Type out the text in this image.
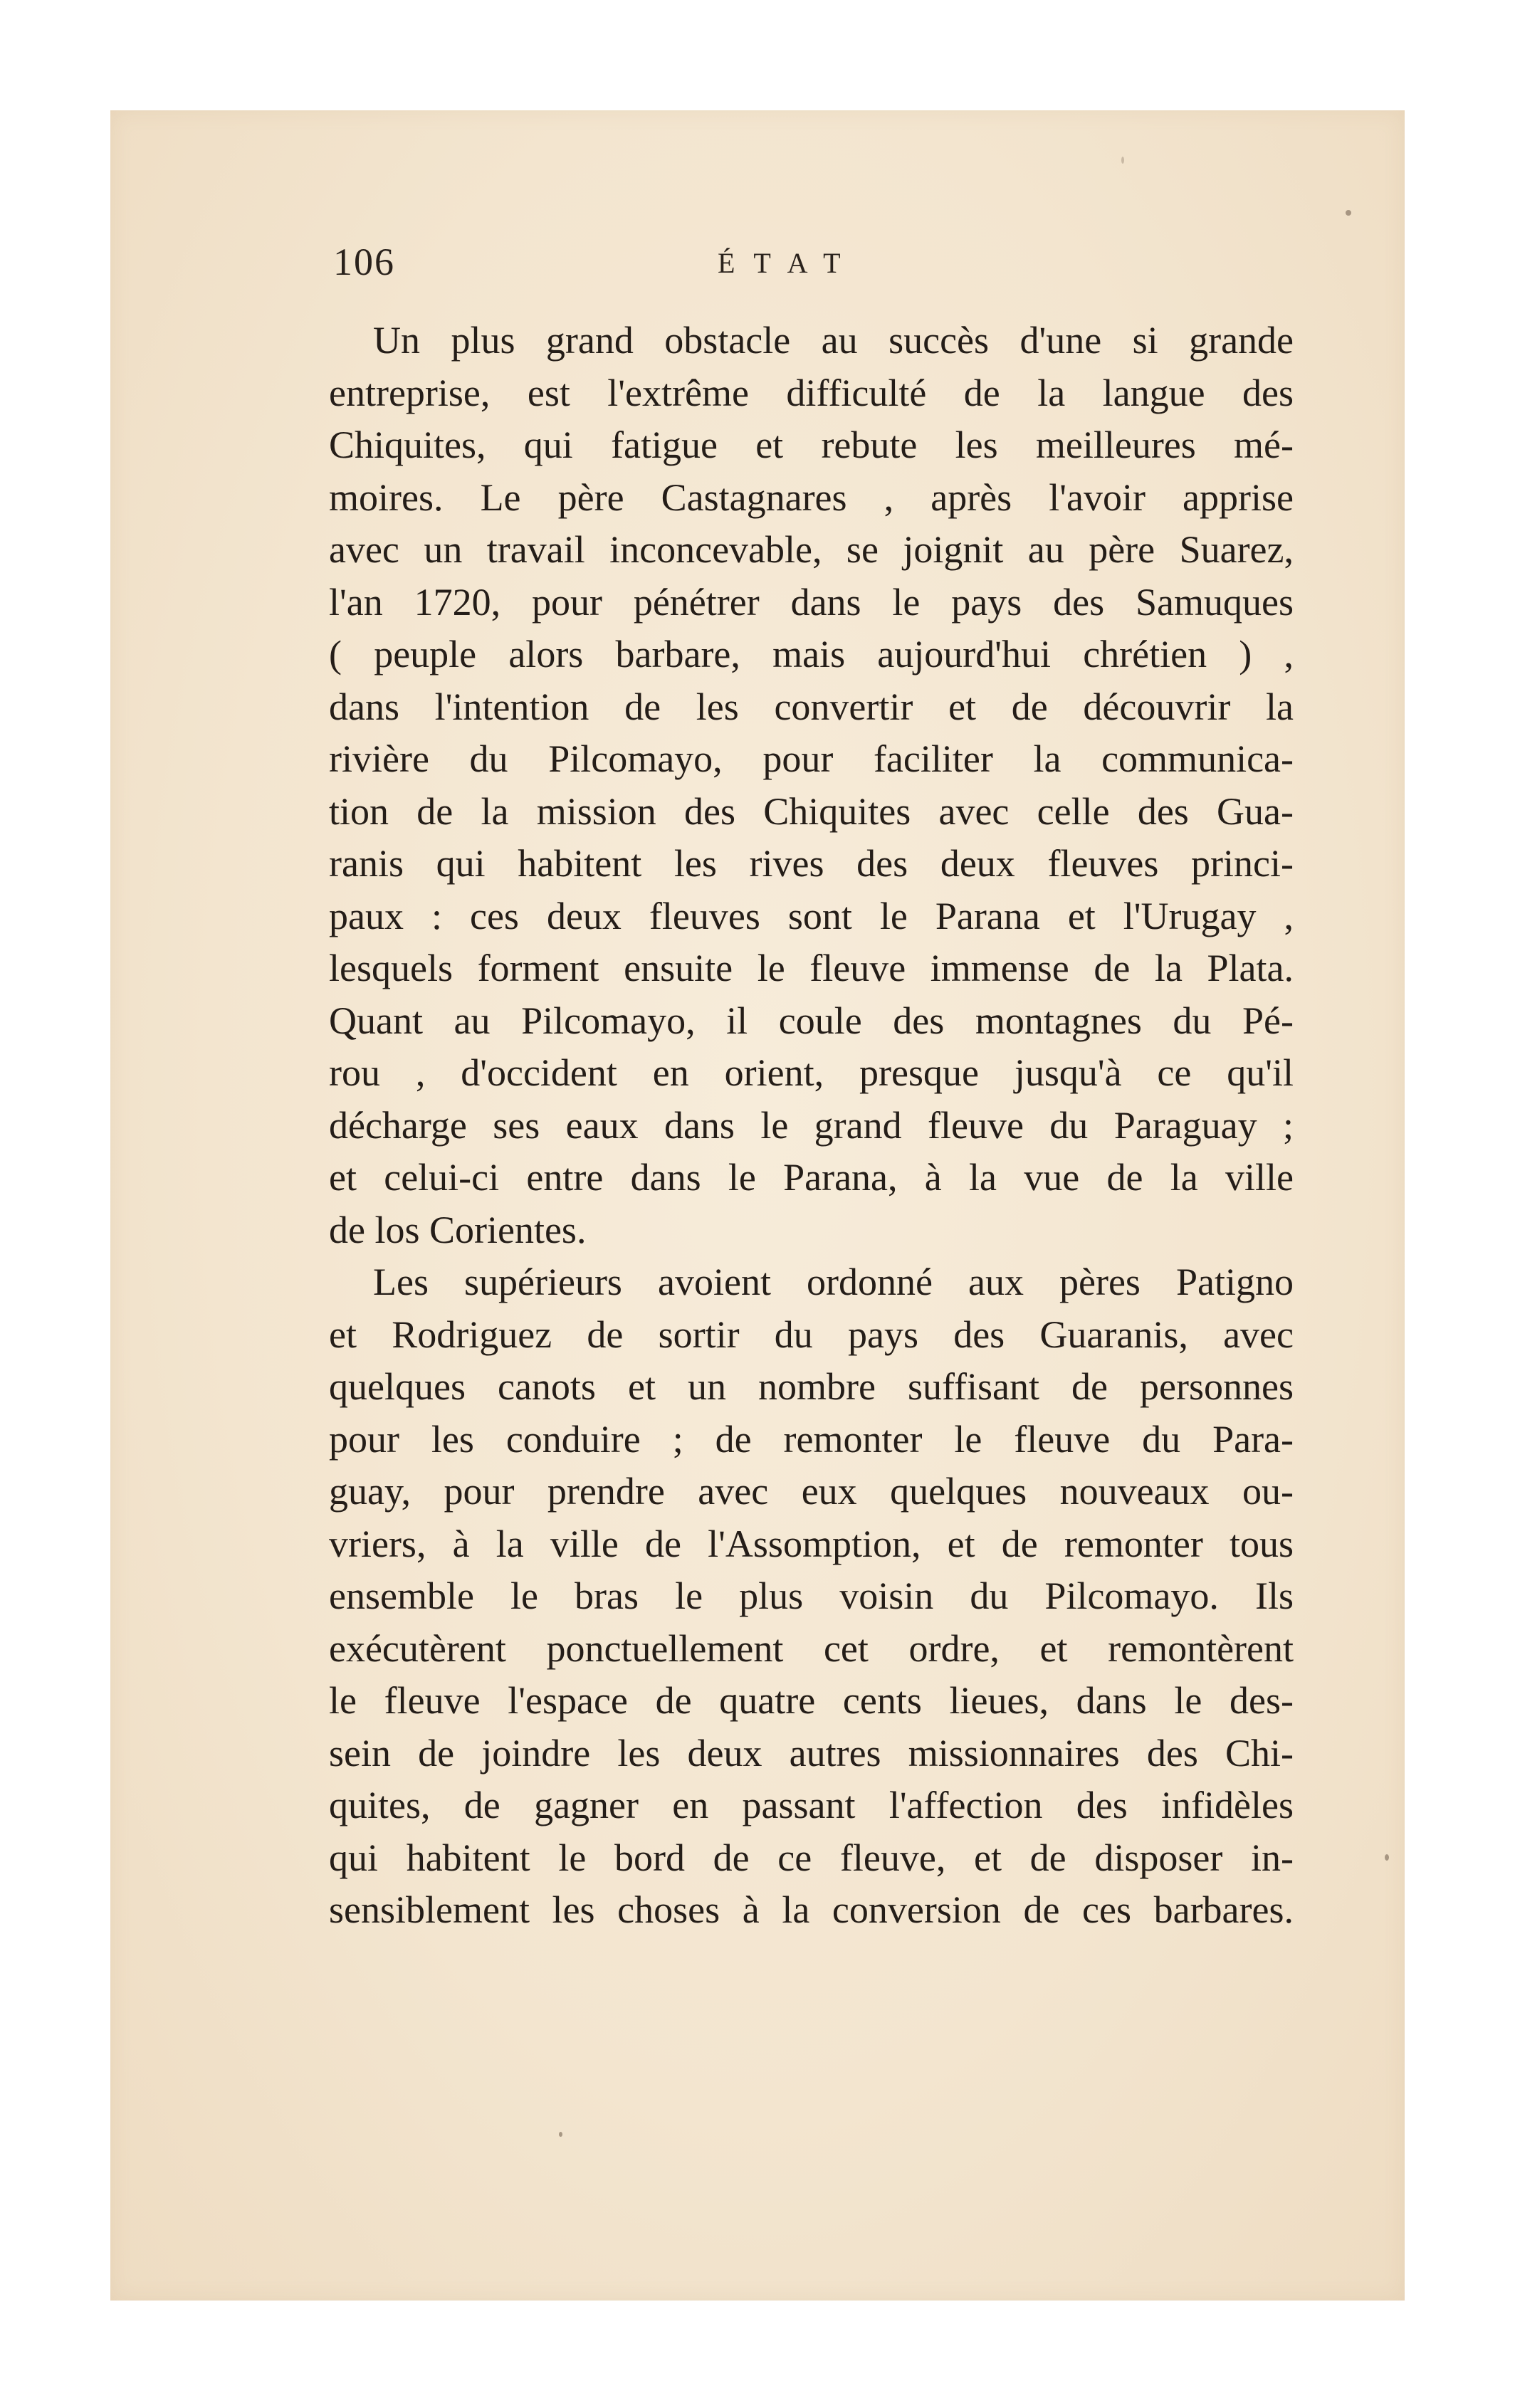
106	ÉTAT

Un plus grand obstacle au succès d'une si grande
entreprise, est l'extrême difficulté de la langue des
Chiquites, qui fatigue et rebute les meilleures mé-
moires. Le père Castagnares , après l'avoir apprise
avec un travail inconcevable, se joignit au père Suarez,
l'an 1720, pour pénétrer dans le pays des Samuques
( peuple alors barbare, mais aujourd'hui chrétien ) ,
dans l'intention de les convertir et de découvrir la
rivière du Pilcomayo, pour faciliter la communica-
tion de la mission des Chiquites avec celle des Gua-
ranis qui habitent les rives des deux fleuves princi-
paux : ces deux fleuves sont le Parana et l'Urugay ,
lesquels forment ensuite le fleuve immense de la Plata.
Quant au Pilcomayo, il coule des montagnes du Pé-
rou , d'occident en orient, presque jusqu'à ce qu'il
décharge ses eaux dans le grand fleuve du Paraguay ;
et celui-ci entre dans le Parana, à la vue de la ville
de los Corientes.

Les supérieurs avoient ordonné aux pères Patigno
et Rodriguez de sortir du pays des Guaranis, avec
quelques canots et un nombre suffisant de personnes
pour les conduire ; de remonter le fleuve du Para-
guay, pour prendre avec eux quelques nouveaux ou-
vriers, à la ville de l'Assomption, et de remonter tous
ensemble le bras le plus voisin du Pilcomayo. Ils
exécutèrent ponctuellement cet ordre, et remontèrent
le fleuve l'espace de quatre cents lieues, dans le des-
sein de joindre les deux autres missionnaires des Chi-
quites, de gagner en passant l'affection des infidèles
qui habitent le bord de ce fleuve, et de disposer in-
sensiblement les choses à la conversion de ces barbares.
